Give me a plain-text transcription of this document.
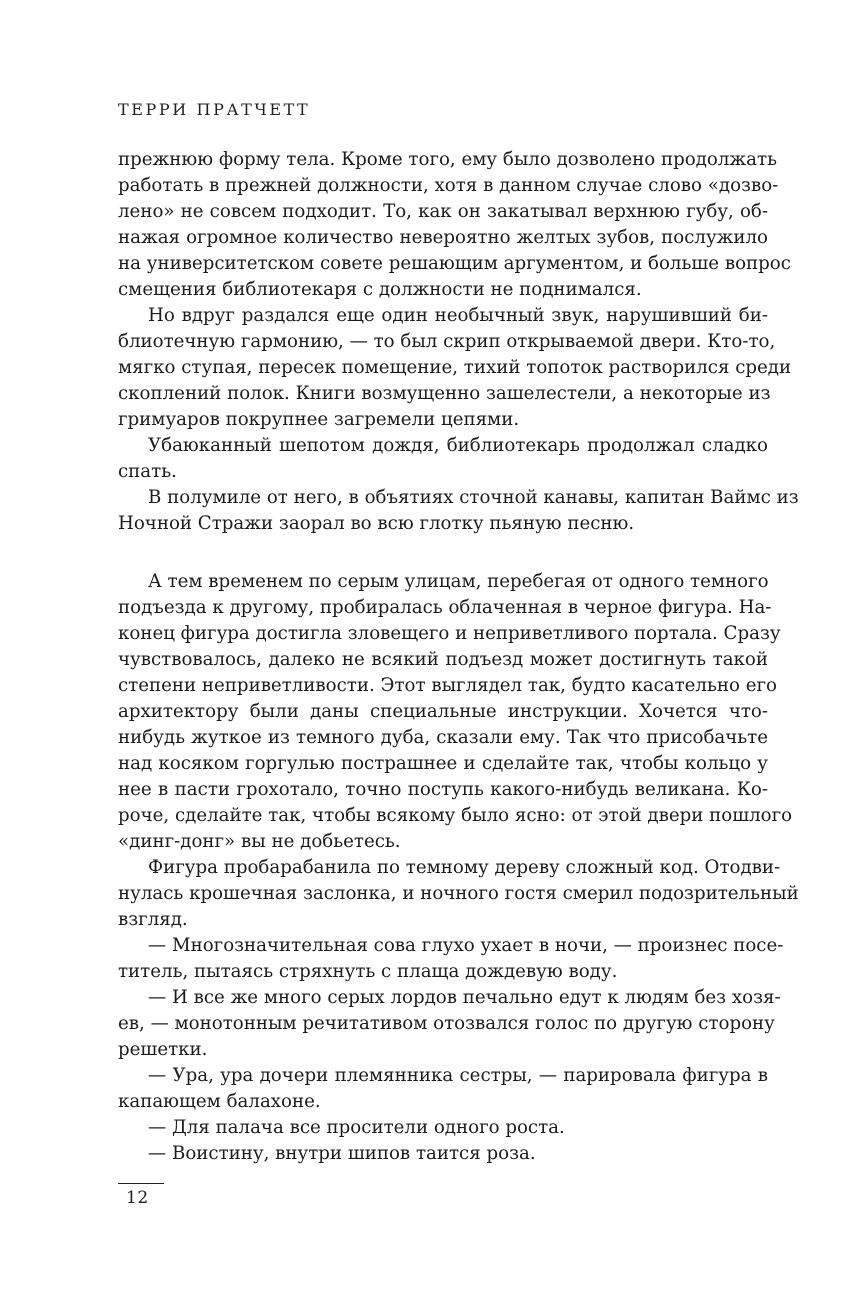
ТЕРРИ ПРАТЧЕТТ
прежнюю форму тела. Кроме того, ему было дозволено продолжать
работать в прежней должности, хотя в данном случае слово «дозво-
лено» не совсем подходит. То, как он закатывал верхнюю губу, об-
нажая огромное количество невероятно желтых зубов, послужило
на университетском совете решающим аргументом, и больше вопрос
смещения библиотекаря с должности не поднимался.
Но вдруг раздался еще один необычный звук, нарушивший би-
блиотечную гармонию, — то был скрип открываемой двери. Кто-то,
мягко ступая, пересек помещение, тихий топоток растворился среди
скоплений полок. Книги возмущенно зашелестели, а некоторые из
гримуаров покрупнее загремели цепями.
Убаюканный шепотом дождя, библиотекарь продолжал сладко
спать.
В полумиле от него, в объятиях сточной канавы, капитан Ваймс из
Ночной Стражи заорал во всю глотку пьяную песню.
А тем временем по серым улицам, перебегая от одного темного
подъезда к другому, пробиралась облаченная в черное фигура. На-
конец фигура достигла зловещего и неприветливого портала. Сразу
чувствовалось, далеко не всякий подъезд может достигнуть такой
степени неприветливости. Этот выглядел так, будто касательно его
архитектору были даны специальные инструкции. Хочется что-
нибудь жуткое из темного дуба, сказали ему. Так что присобачьте
над косяком горгулью пострашнее и сделайте так, чтобы кольцо у
нее в пасти грохотало, точно поступь какого-нибудь великана. Ко-
роче, сделайте так, чтобы всякому было ясно: от этой двери пошлого
«динг-донг» вы не добьетесь.
Фигура пробарабанила по темному дереву сложный код. Отодви-
нулась крошечная заслонка, и ночного гостя смерил подозрительный
взгляд.
— Многозначительная сова глухо ухает в ночи, — произнес посе-
титель, пытаясь стряхнуть с плаща дождевую воду.
— И все же много серых лордов печально едут к людям без хозя-
ев, — монотонным речитативом отозвался голос по другую сторону
решетки.
— Ура, ура дочери племянника сестры, — парировала фигура в
капающем балахоне.
— Для палача все просители одного роста.
— Воистину, внутри шипов таится роза.
12
